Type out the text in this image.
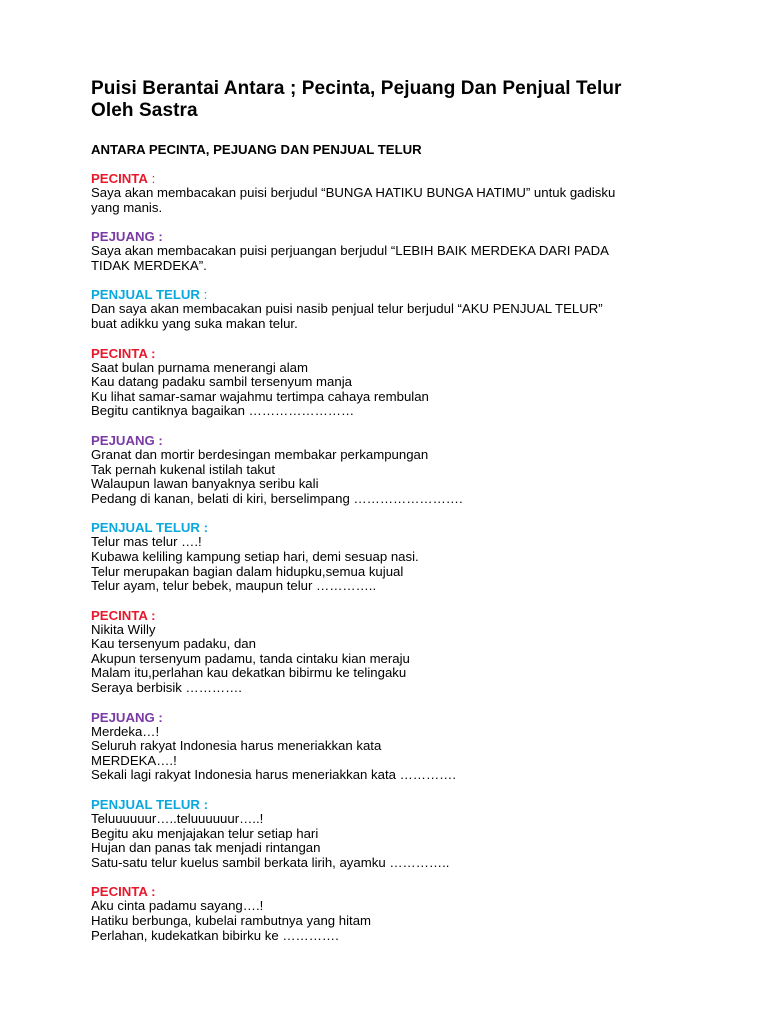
Puisi Berantai Antara ; Pecinta, Pejuang Dan Penjual Telur
Oleh Sastra
ANTARA PECINTA, PEJUANG DAN PENJUAL TELUR
PECINTA :
Saya akan membacakan puisi berjudul “BUNGA HATIKU BUNGA HATIMU” untuk gadisku
yang manis.
PEJUANG :
Saya akan membacakan puisi perjuangan berjudul “LEBIH BAIK MERDEKA DARI PADA
TIDAK MERDEKA”.
PENJUAL TELUR :
Dan saya akan membacakan puisi nasib penjual telur berjudul “AKU PENJUAL TELUR”
buat adikku yang suka makan telur.
PECINTA :
Saat bulan purnama menerangi alam
Kau datang padaku sambil tersenyum manja
Ku lihat samar-samar wajahmu tertimpa cahaya rembulan
Begitu cantiknya bagaikan ……………………
PEJUANG :
Granat dan mortir berdesingan membakar perkampungan
Tak pernah kukenal istilah takut
Walaupun lawan banyaknya seribu kali
Pedang di kanan, belati di kiri, berselimpang …………………….
PENJUAL TELUR :
Telur mas telur ….!
Kubawa keliling kampung setiap hari, demi sesuap nasi.
Telur merupakan bagian dalam hidupku,semua kujual
Telur ayam, telur bebek, maupun telur …………..
PECINTA :
Nikita Willy
Kau tersenyum padaku, dan
Akupun tersenyum padamu, tanda cintaku kian meraju
Malam itu,perlahan kau dekatkan bibirmu ke telingaku
Seraya berbisik ………….
PEJUANG :
Merdeka…!
Seluruh rakyat Indonesia harus meneriakkan kata
MERDEKA….!
Sekali lagi rakyat Indonesia harus meneriakkan kata ………….
PENJUAL TELUR :
Teluuuuuur…..teluuuuuur…..!
Begitu aku menjajakan telur setiap hari
Hujan dan panas tak menjadi rintangan
Satu-satu telur kuelus sambil berkata lirih, ayamku …………..
PECINTA :
Aku cinta padamu sayang….!
Hatiku berbunga, kubelai rambutnya yang hitam
Perlahan, kudekatkan bibirku ke ………….
